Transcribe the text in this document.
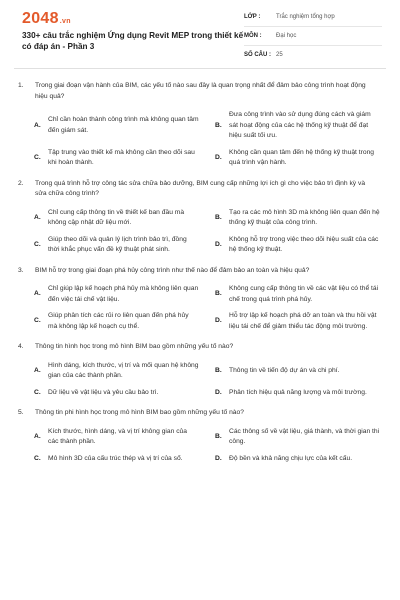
2048.vn
330+ câu trắc nghiệm Ứng dụng Revit MEP trong thiết kế có đáp án - Phần 3
LỚP :	Trắc nghiệm tổng hợp
MÔN :	Đại học
SỐ CÂU : 25
1.	Trong giai đoạn vận hành của BIM, các yếu tố nào sau đây là quan trọng nhất để đảm bảo công trình hoạt động hiệu quả?
A.
Chỉ cần hoàn thành công trình mà không quan tâm đến giám sát.
B.
Đưa công trình vào sử dụng đúng cách và giám sát hoạt động của các hệ thống kỹ thuật để đạt hiệu suất tối ưu.
C.
Tập trung vào thiết kế mà không cần theo dõi sau khi hoàn thành.
D.
Không cần quan tâm đến hệ thống kỹ thuật trong quá trình vận hành.
2.	Trong quá trình hỗ trợ công tác sửa chữa bảo dưỡng, BIM cung cấp những lợi ích gì cho việc bảo trì định kỳ và sửa chữa công trình?
A.
Chỉ cung cấp thông tin về thiết kế ban đầu mà không cập nhật dữ liệu mới.
B.
Tạo ra các mô hình 3D mà không liên quan đến hệ thống kỹ thuật của công trình.
C.
Giúp theo dõi và quản lý lịch trình bảo trì, đồng thời khắc phục vấn đề kỹ thuật phát sinh.
D.
Không hỗ trợ trong việc theo dõi hiệu suất của các hệ thống kỹ thuật.
3.	BIM hỗ trợ trong giai đoạn phá hủy công trình như thế nào để đảm bảo an toàn và hiệu quả?
A.
Chỉ giúp lập kế hoạch phá hủy mà không liên quan đến việc tái chế vật liệu.
B.
Không cung cấp thông tin về các vật liệu có thể tái chế trong quá trình phá hủy.
C.
Giúp phân tích các rủi ro liên quan đến phá hủy mà không lập kế hoạch cụ thể.
D.
Hỗ trợ lập kế hoạch phá dỡ an toàn và thu hồi vật liệu tái chế để giảm thiểu tác động môi trường.
4.	Thông tin hình học trong mô hình BIM bao gồm những yếu tố nào?
A.
Hình dáng, kích thước, vị trí và mối quan hệ không gian của các thành phần.
B.	Thông tin về tiến độ dự án và chi phí.
C.	Dữ liệu về vật liệu và yêu cầu bảo trì.	D.	Phân tích hiệu quả năng lượng và môi trường.
5.	Thông tin phi hình học trong mô hình BIM bao gồm những yếu tố nào?
A.
Kích thước, hình dáng, và vị trí không gian của các thành phần.
B.
Các thông số về vật liệu, giá thành, và thời gian thi công.
C.	Mô hình 3D của cấu trúc thép và vị trí của số.	D.	Độ bền và khả năng chịu lực của kết cấu.
